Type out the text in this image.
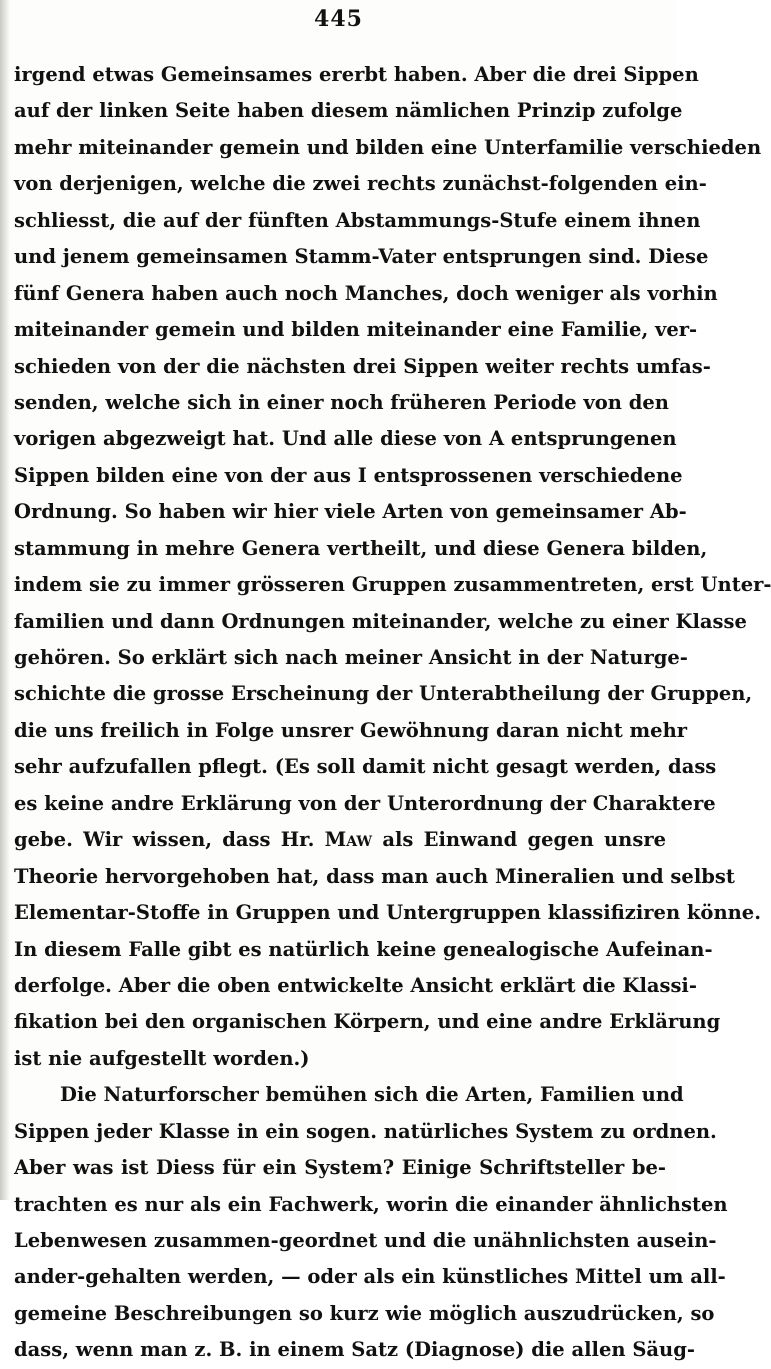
445
irgend etwas Gemeinsames ererbt haben. Aber die drei Sippen
auf der linken Seite haben diesem nämlichen Prinzip zufolge
mehr miteinander gemein und bilden eine Unterfamilie verschieden
von derjenigen, welche die zwei rechts zunächst-folgenden ein-
schliesst, die auf der fünften Abstammungs-Stufe einem ihnen
und jenem gemeinsamen Stamm-Vater entsprungen sind. Diese
fünf Genera haben auch noch Manches, doch weniger als vorhin
miteinander gemein und bilden miteinander eine Familie, ver-
schieden von der die nächsten drei Sippen weiter rechts umfas-
senden, welche sich in einer noch früheren Periode von den
vorigen abgezweigt hat. Und alle diese von A entsprungenen
Sippen bilden eine von der aus I entsprossenen verschiedene
Ordnung. So haben wir hier viele Arten von gemeinsamer Ab-
stammung in mehre Genera vertheilt, und diese Genera bilden,
indem sie zu immer grösseren Gruppen zusammentreten, erst Unter-
familien und dann Ordnungen miteinander, welche zu einer Klasse
gehören. So erklärt sich nach meiner Ansicht in der Naturge-
schichte die grosse Erscheinung der Unterabtheilung der Gruppen,
die uns freilich in Folge unsrer Gewöhnung daran nicht mehr
sehr aufzufallen pflegt. (Es soll damit nicht gesagt werden, dass
es keine andre Erklärung von der Unterordnung der Charaktere
gebe. Wir wissen, dass Hr. Maw als Einwand gegen unsre
Theorie hervorgehoben hat, dass man auch Mineralien und selbst
Elementar-Stoffe in Gruppen und Untergruppen klassifiziren könne.
In diesem Falle gibt es natürlich keine genealogische Aufeinan-
derfolge. Aber die oben entwickelte Ansicht erklärt die Klassi-
fikation bei den organischen Körpern, und eine andre Erklärung
ist nie aufgestellt worden.)
Die Naturforscher bemühen sich die Arten, Familien und
Sippen jeder Klasse in ein sogen. natürliches System zu ordnen.
Aber was ist Diess für ein System? Einige Schriftsteller be-
trachten es nur als ein Fachwerk, worin die einander ähnlichsten
Lebenwesen zusammen-geordnet und die unähnlichsten ausein-
ander-gehalten werden, — oder als ein künstliches Mittel um all-
gemeine Beschreibungen so kurz wie möglich auszudrücken, so
dass, wenn man z. B. in einem Satz (Diagnose) die allen Säug-
